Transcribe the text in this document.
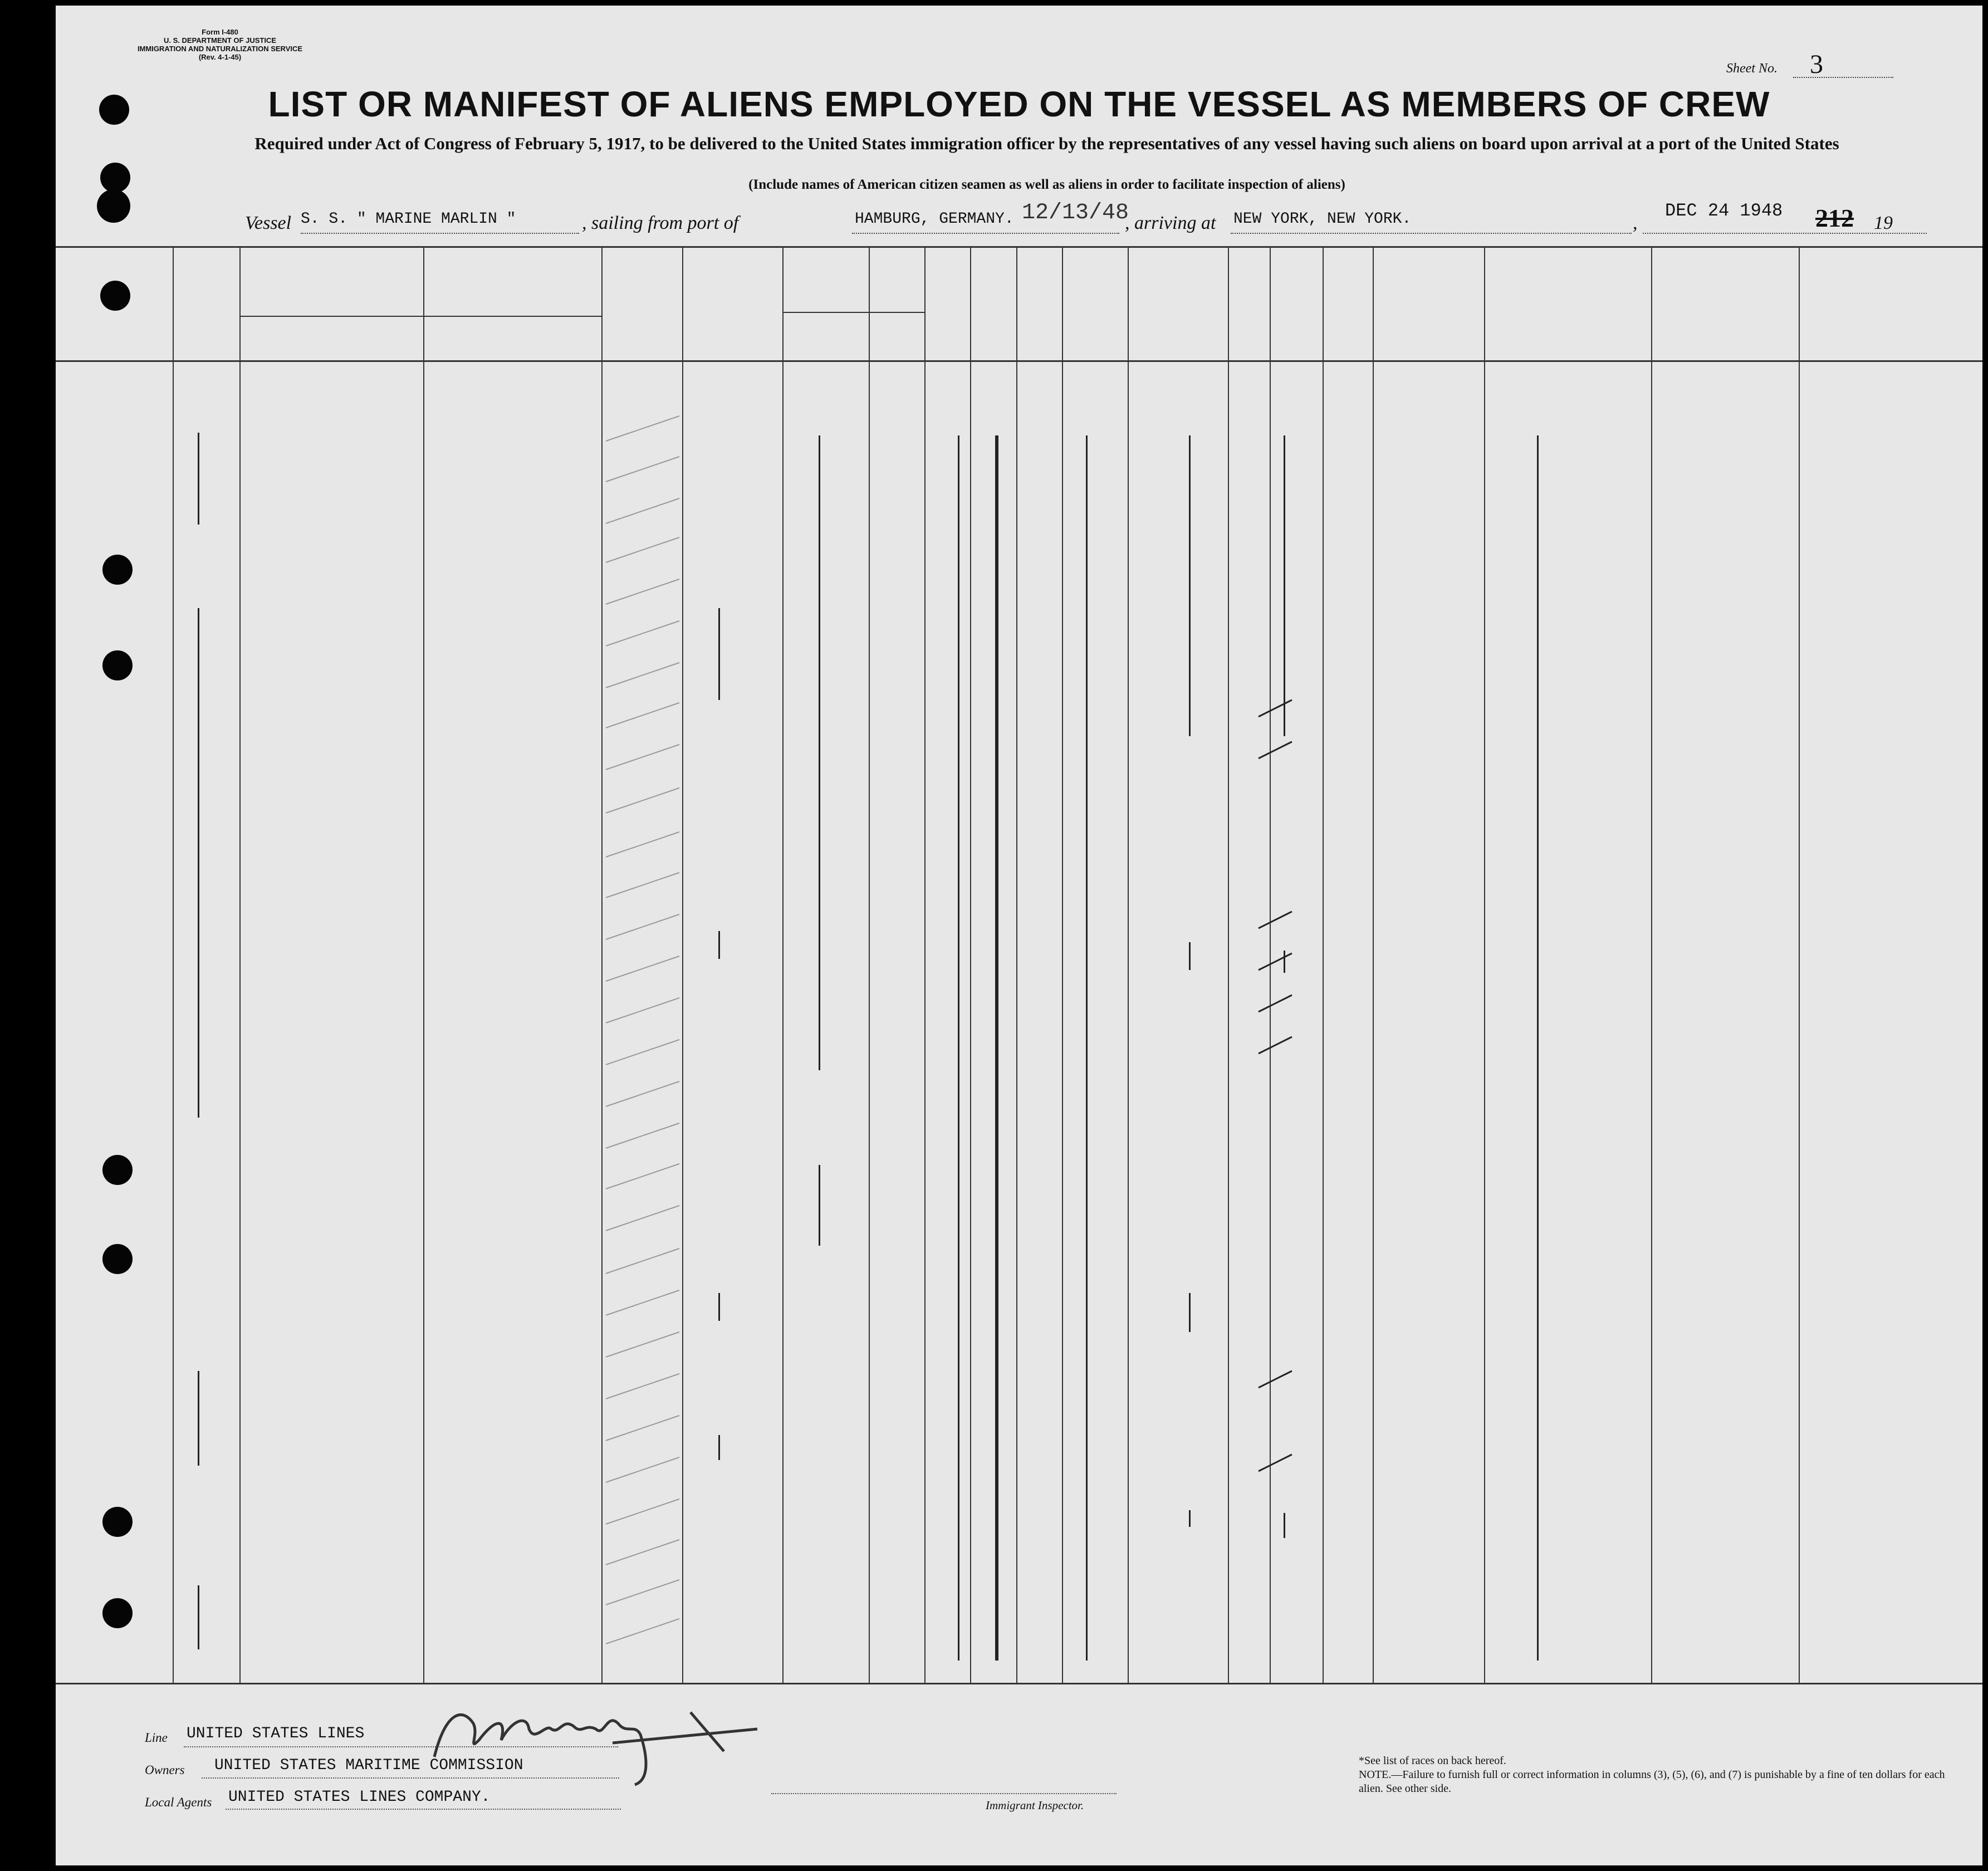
Form I-480
U. S. DEPARTMENT OF JUSTICE
IMMIGRATION AND NATURALIZATION SERVICE
(Rev. 4-1-45)
Sheet No. 3
LIST OR MANIFEST OF ALIENS EMPLOYED ON THE VESSEL AS MEMBERS OF CREW
Required under Act of Congress of February 5, 1917, to be delivered to the United States immigration officer by the representatives of any vessel having such aliens on board upon arrival at a port of the United States
(Include names of American citizen seamen as well as aliens in order to facilitate inspection of aliens)
Vessel S. S. " MARINE MARLIN "	, sailing from port of	HAMBURG, GERMANY. 12/13/48
, arriving at NEW YORK, NEW YORK.	,
DEC 24 1948
19
212
Line UNITED STATES LINES
Owners UNITED STATES MARITIME COMMISSION
Local Agents UNITED STATES LINES COMPANY.	Immigrant Inspector.
*See list of races on back hereof.
NOTE.—Failure to furnish full or correct information in columns (3), (5), (6), and (7) is punishable by a fine of ten dollars for each alien. See other side.
